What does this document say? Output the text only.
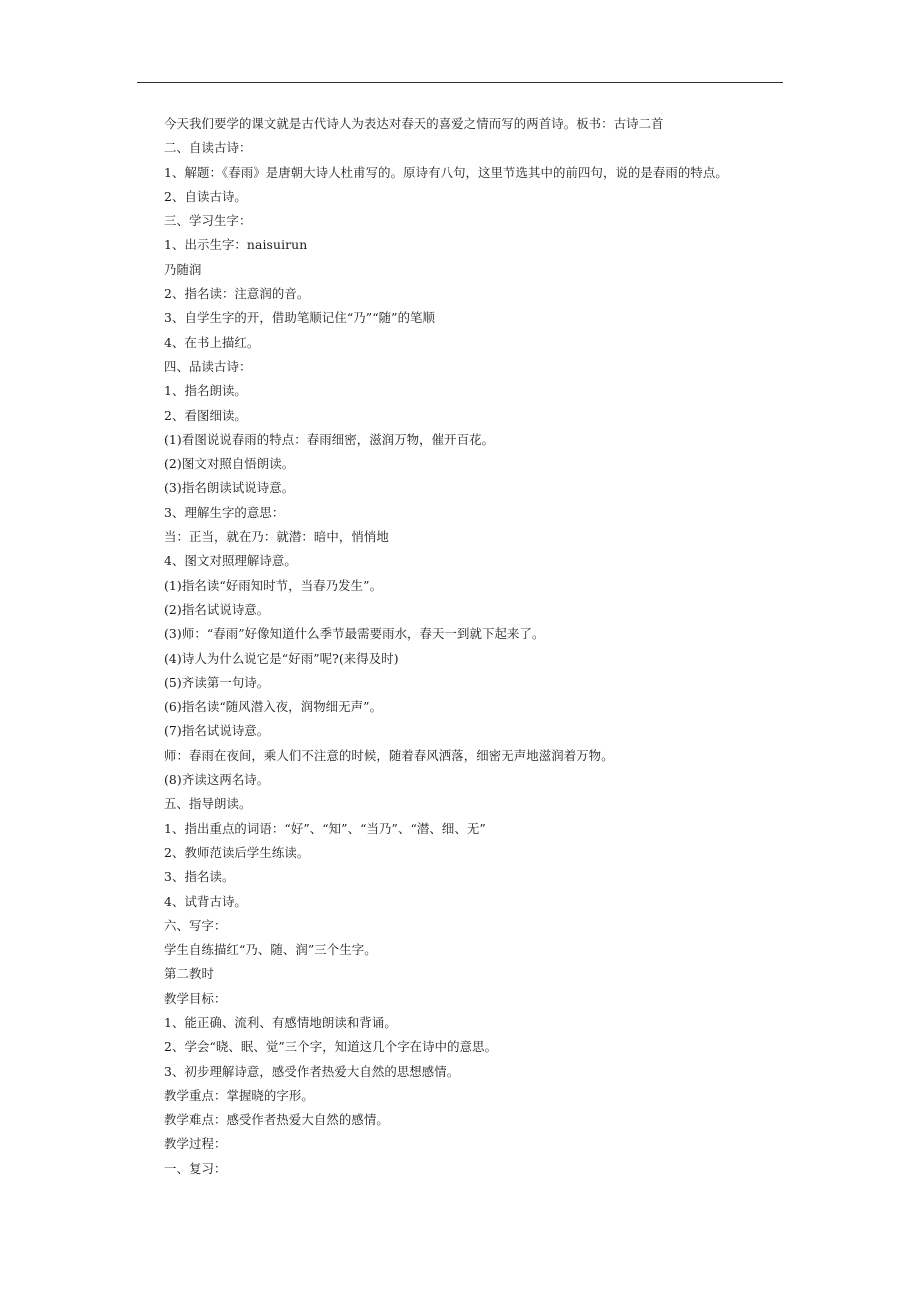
今天我们要学的课文就是古代诗人为表达对春天的喜爱之情而写的两首诗。板书：古诗二首
二、自读古诗：
1、解题：《春雨》是唐朝大诗人杜甫写的。原诗有八句，这里节选其中的前四句，说的是春雨的特点。
2、自读古诗。
三、学习生字：
1、出示生字：naisuirun
乃随润
2、指名读：注意润的音。
3、自学生字的开，借助笔顺记住“乃”“随”的笔顺
4、在书上描红。
四、品读古诗：
1、指名朗读。
2、看图细读。
(1)看图说说春雨的特点：春雨细密，滋润万物，催开百花。
(2)图文对照自悟朗读。
(3)指名朗读试说诗意。
3、理解生字的意思：
当：正当，就在乃：就潜：暗中，悄悄地
4、图文对照理解诗意。
(1)指名读“好雨知时节，当春乃发生”。
(2)指名试说诗意。
(3)师：“春雨”好像知道什么季节最需要雨水，春天一到就下起来了。
(4)诗人为什么说它是“好雨”呢?(来得及时)
(5)齐读第一句诗。
(6)指名读“随风潜入夜，润物细无声”。
(7)指名试说诗意。
师：春雨在夜间，乘人们不注意的时候，随着春风洒落，细密无声地滋润着万物。
(8)齐读这两名诗。
五、指导朗读。
1、指出重点的词语：“好”、“知”、“当乃”、“潜、细、无”
2、教师范读后学生练读。
3、指名读。
4、试背古诗。
六、写字：
学生自练描红“乃、随、润”三个生字。
第二教时
教学目标：
1、能正确、流利、有感情地朗读和背诵。
2、学会“晓、眠、觉”三个字，知道这几个字在诗中的意思。
3、初步理解诗意，感受作者热爱大自然的思想感情。
教学重点：掌握晓的字形。
教学难点：感受作者热爱大自然的感情。
教学过程：
一、复习：
